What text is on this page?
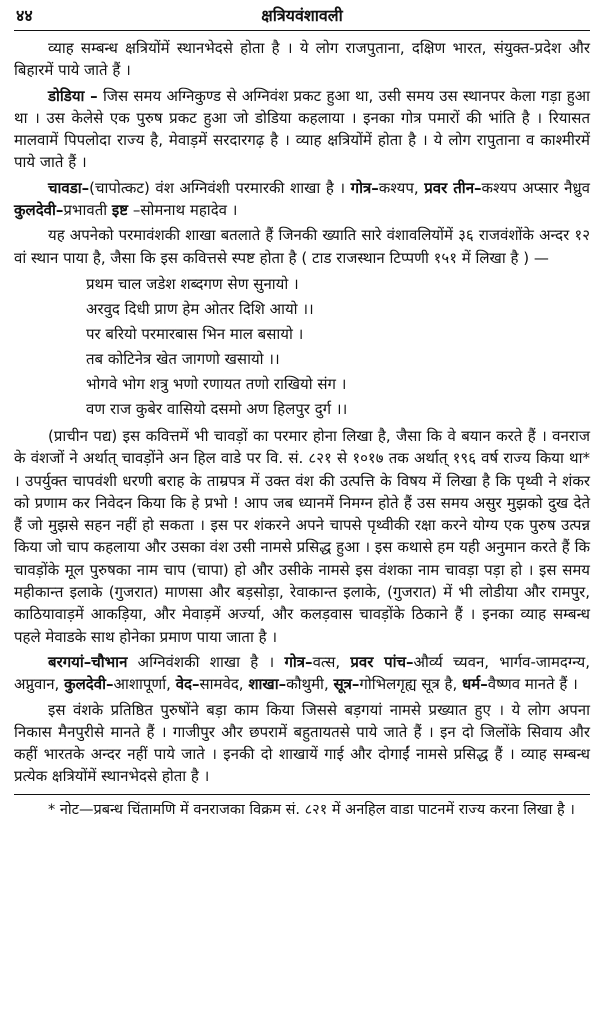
४४	क्षत्रियवंशावली

व्याह सम्बन्ध क्षत्रियोंमें स्थानभेदसे होता है । ये लोग राजपुताना, दक्षिण भारत, संयुक्त-प्रदेश और बिहारमें पाये जाते हैं ।

डोडिया – जिस समय अग्निकुण्ड से अग्निवंश प्रकट हुआ था, उसी समय उस स्थानपर केला गड़ा हुआ था । उस केलेसे एक पुरुष प्रकट हुआ जो डोडिया कहलाया । इनका गोत्र पमारों की भांति है । रियासत मालवामें पिपलोदा राज्य है, मेवाड़में सरदारगढ़ है । व्याह क्षत्रियोंमें होता है । ये लोग रापुताना व काश्मीरमें पाये जाते हैं ।

चावडा–(चापोत्कट) वंश अग्निवंशी परमारकी शाखा है । गोत्र–कश्यप, प्रवर तीन–कश्यप अप्सार नैध्रुव कुलदेवी–प्रभावती इष्ट –सोमनाथ महादेव ।

यह अपनेको परमावंशकी शाखा बतलाते हैं जिनकी ख्याति सारे वंशावलियोंमें ३६ राजवंशोंके अन्दर १२ वां स्थान पाया है, जैसा कि इस कवित्तसे स्पष्ट होता है ( टाड राजस्थान टिप्पणी १५१ में लिखा है ) —

प्रथम चाल जडेश शब्दगण सेण सुनायो ।
अरवुद दिधी प्राण हेम ओतर दिशि आयो ।।
पर बरियो परमारबास भिन माल बसायो ।
तब कोटिनेत्र खेत जागणो खसायो ।।
भोगवे भोग शत्रु भणो रणायत तणो राखियो संग ।
वण राज कुबेर वासियो दसमो अण हिलपुर दुर्ग ।।

(प्राचीन पद्य) इस कवित्तमें भी चावड़ों का परमार होना लिखा है, जैसा कि वे बयान करते हैं । वनराज के वंशजों ने अर्थात् चावड़ोंने अन हिल वाडे पर वि. सं. ८२१ से १०१७ तक अर्थात् १९६ वर्ष राज्य किया था* । उपर्युक्त चापवंशी धरणी बराह के ताम्रपत्र में उक्त वंश की उत्पत्ति के विषय में लिखा है कि पृथ्वी ने शंकर को प्रणाम कर निवेदन किया कि हे प्रभो ! आप जब ध्यानमें निमग्न होते हैं उस समय असुर मुझको दुख देते हैं जो मुझसे सहन नहीं हो सकता । इस पर शंकरने अपने चापसे पृथ्वीकी रक्षा करने योग्य एक पुरुष उत्पन्न किया जो चाप कहलाया और उसका वंश उसी नामसे प्रसिद्ध हुआ । इस कथासे हम यही अनुमान करते हैं कि चावड़ोंके मूल पुरुषका नाम चाप (चापा) हो और उसीके नामसे इस वंशका नाम चावड़ा पड़ा हो । इस समय महीकान्त इलाके (गुजरात) माणसा और बड़सोड़ा, रेवाकान्त इलाके, (गुजरात) में भी लोडीया और रामपुर, काठियावाड़में आकड़िया, और मेवाड़में अर्ज्या, और कलड़वास चावड़ोंके ठिकाने हैं । इनका व्याह सम्बन्ध पहले मेवाडके साथ होनेका प्रमाण पाया जाता है ।

बरगयां–चौभान अग्निवंशकी शाखा है । गोत्र–वत्स, प्रवर पांच–और्व्य च्यवन, भार्गव-जामदग्न्य, अप्नुवान, कुलदेवी–आशापूर्णा, वेद–सामवेद, शाखा–कौथुमी, सूत्र–गोभिलगृह्य सूत्र है, धर्म–वैष्णव मानते हैं ।

इस वंशके प्रतिष्ठित पुरुषोंने बड़ा काम किया जिससे बड़गयां नामसे प्रख्यात हुए । ये लोग अपना निकास मैनपुरीसे मानते हैं । गाजीपुर और छपरामें बहुतायतसे पाये जाते हैं । इन दो जिलोंके सिवाय और कहीं भारतके अन्दर नहीं पाये जाते । इनकी दो शाखायें गाई और दोगाईं नामसे प्रसिद्ध हैं । व्याह सम्बन्ध प्रत्येक क्षत्रियोंमें स्थानभेदसे होता है ।

* नोट—प्रबन्ध चिंतामणि में वनराजका विक्रम सं. ८२१ में अनहिल वाडा पाटनमें राज्य करना लिखा है ।
